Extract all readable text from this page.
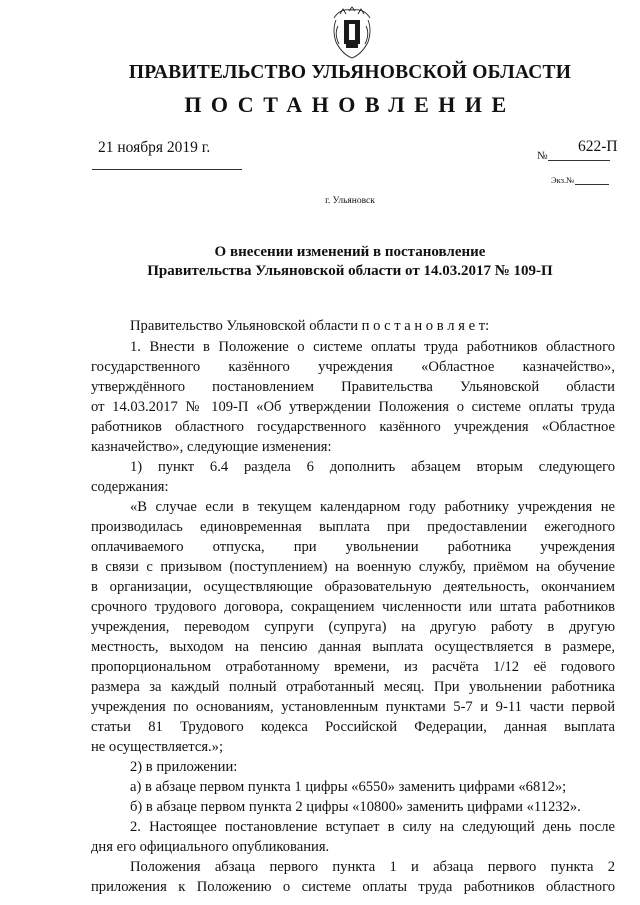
ПРАВИТЕЛЬСТВО УЛЬЯНОВСКОЙ ОБЛАСТИ
ПОСТАНОВЛЕНИЕ
21 ноября 2019 г.	№
622-П
Экз.№
г. Ульяновск
О внесении изменений в постановление
Правительства Ульяновской области от 14.03.2017 № 109-П
Правительство Ульяновской области п о с т а н о в л я е т:
1. Внести в Положение о системе оплаты труда работников областного
государственного казённого учреждения «Областное казначейство»,
утверждённого постановлением Правительства Ульяновской области
от 14.03.2017 № 109-П «Об утверждении Положения о системе оплаты труда
работников областного государственного казённого учреждения «Областное
казначейство», следующие изменения:
1) пункт 6.4 раздела 6 дополнить абзацем вторым следующего
содержания:
«В случае если в текущем календарном году работнику учреждения не
производилась единовременная выплата при предоставлении ежегодного
оплачиваемого отпуска, при увольнении работника учреждения
в связи с призывом (поступлением) на военную службу, приёмом на обучение
в организации, осуществляющие образовательную деятельность, окончанием
срочного трудового договора, сокращением численности или штата работников
учреждения, переводом супруги (супруга) на другую работу в другую
местность, выходом на пенсию данная выплата осуществляется в размере,
пропорциональном отработанному времени, из расчёта 1/12 её годового
размера за каждый полный отработанный месяц. При увольнении работника
учреждения по основаниям, установленным пунктами 5-7 и 9-11 части первой
статьи 81 Трудового кодекса Российской Федерации, данная выплата
не осуществляется.»;
2) в приложении:
а) в абзаце первом пункта 1 цифры «6550» заменить цифрами «6812»;
б) в абзаце первом пункта 2 цифры «10800» заменить цифрами «11232».
2. Настоящее постановление вступает в силу на следующий день после
дня его официального опубликования.
Положения абзаца первого пункта 1 и абзаца первого пункта 2
приложения к Положению о системе оплаты труда работников областного
